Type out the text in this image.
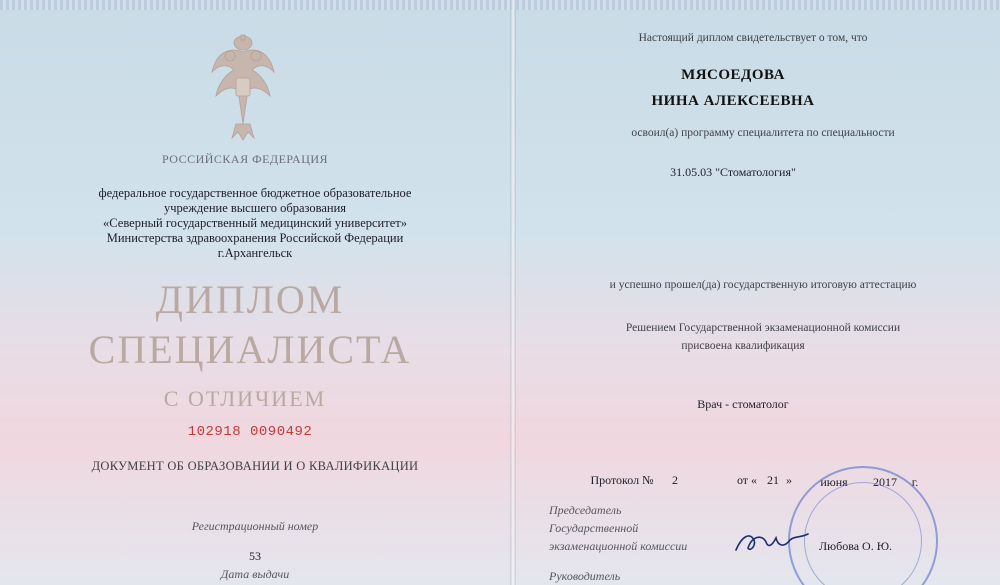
РОССИЙСКАЯ ФЕДЕРАЦИЯ
федеральное государственное бюджетное образовательное
учреждение высшего образования
«Северный государственный медицинский университет»
Министерства здравоохранения Российской Федерации
г.Архангельск
ДИПЛОМ
СПЕЦИАЛИСТА
С ОТЛИЧИЕМ
102918 0090492
ДОКУМЕНТ ОБ ОБРАЗОВАНИИ И О КВАЛИФИКАЦИИ
Регистрационный номер
53
Дата выдачи
Настоящий диплом свидетельствует о том, что
МЯСОЕДОВА
НИНА АЛЕКСЕЕВНА
освоил(а) программу специалитета по специальности
31.05.03 "Стоматология"
и успешно прошел(да) государственную итоговую аттестацию
Решением Государственной экзаменационной комиссии
присвоена квалификация
Врач - стоматолог
Протокол №	2	от « 21 »	июня	2017	г.
Председатель
Государственной
экзаменационной комиссии	Любова О. Ю.
Руководитель
